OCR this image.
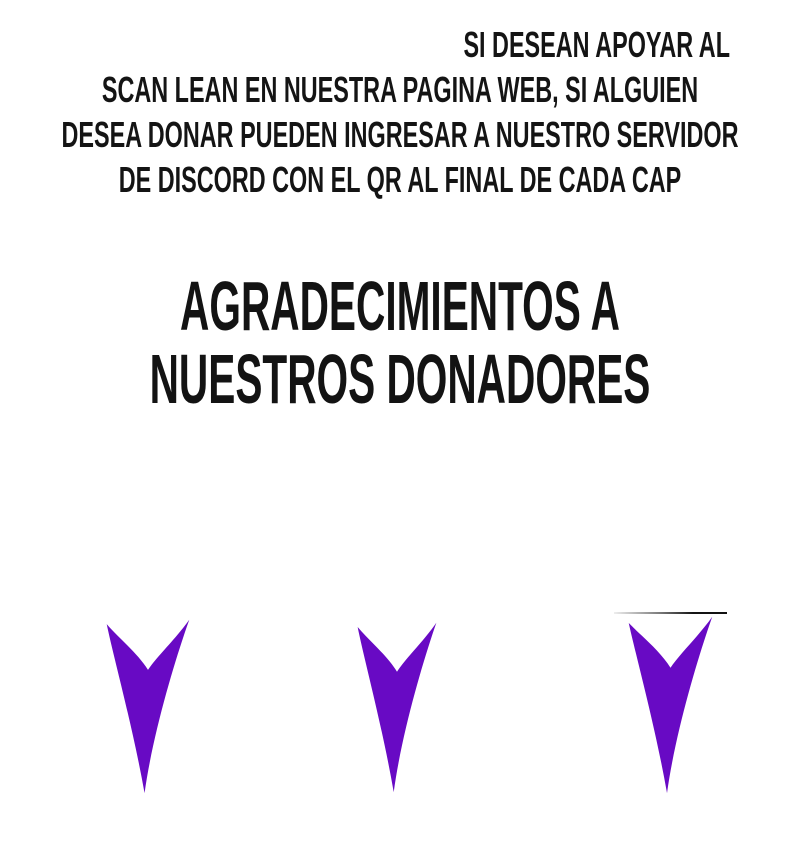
SI DESEAN APOYAR AL
SCAN LEAN EN NUESTRA PAGINA WEB, SI ALGUIEN
DESEA DONAR PUEDEN INGRESAR A NUESTRO SERVIDOR
DE DISCORD CON EL QR AL FINAL DE CADA CAP
AGRADECIMIENTOS A
NUESTROS DONADORES
